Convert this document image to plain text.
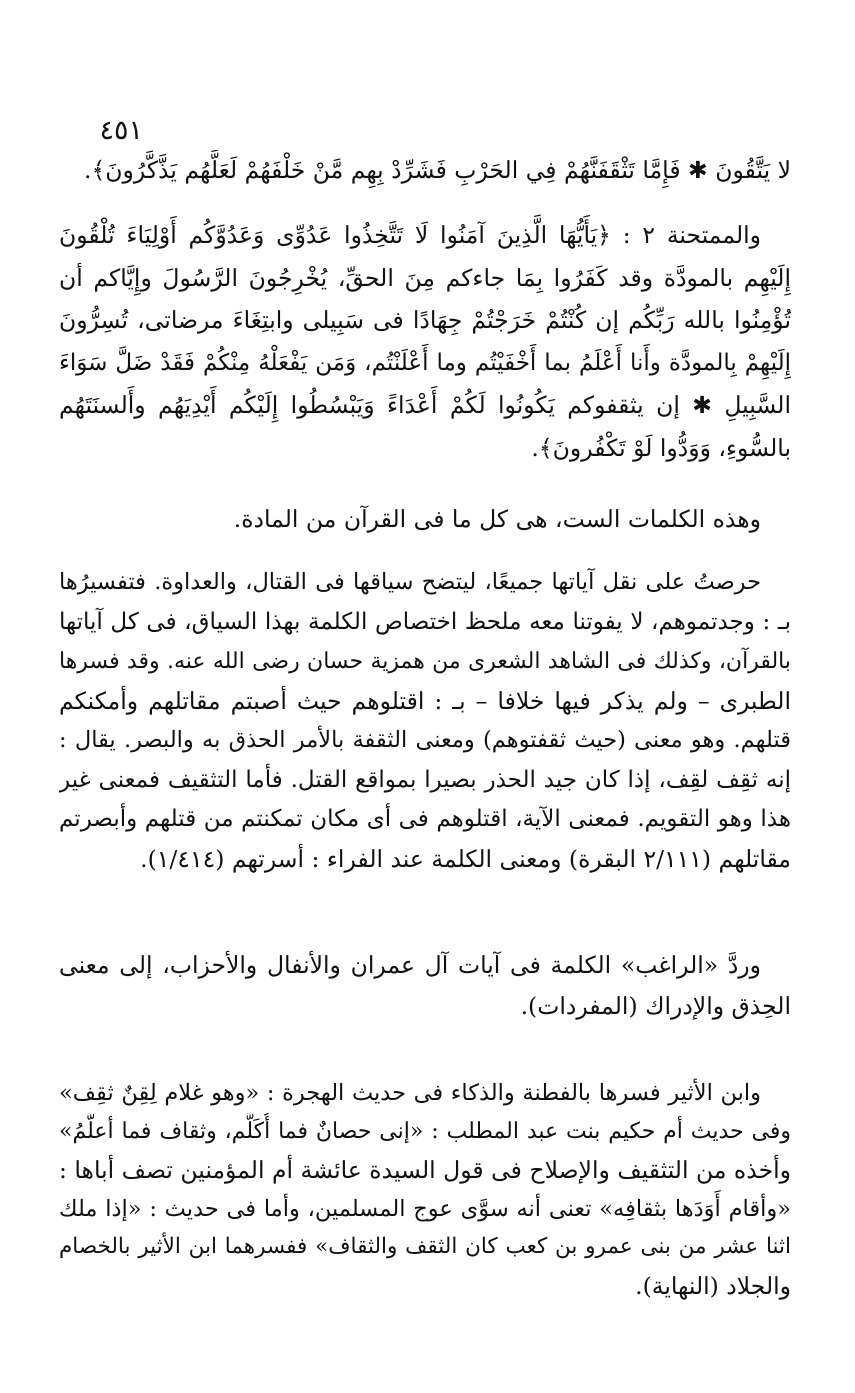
٤٥١
لا يَتَّقُونَ ✱ فَإِمَّا تَثْقَفَنَّهُمْ فِي الحَرْبِ فَشَرِّدْ بِهِم مَّنْ خَلْفَهُمْ لَعَلَّهُم يَذَّكَّرُونَ﴾.
والممتحنة ٢ : ﴿يَأَيُّهَا الَّذِينَ آمَنُوا لَا تَتَّخِذُوا عَدُوِّى وَعَدُوَّكُم أَوْلِيَاءَ تُلْقُونَ
إِلَيْهِم بالمودَّة وقد كَفَرُوا بِمَا جاءكم مِنَ الحقِّ، يُخْرِجُونَ الرَّسُولَ وإِيَّاكم أن
تُؤْمِنُوا بالله رَبِّكُم إن كُنْتُمْ خَرَجْتُمْ جِهَادًا فى سَبِيلى وابتِغَاءَ مرضاتى، تُسِرُّونَ
إِلَيْهِمْ بِالمودَّة وأَنا أَعْلَمُ بما أَخْفَيْتُم وما أَعْلَنْتُم، وَمَن يَفْعَلْهُ مِنْكُمْ فَقَدْ ضَلَّ سَوَاءَ
السَّبِيلِ ✱ إن يثقفوكم يَكُونُوا لَكُمْ أَعْدَاءً وَيَبْسُطُوا إِلَيْكُم أَيْدِيَهُم وأَلسنَتَهُم
بالسُّوءِ، وَوَدُّوا لَوْ تَكْفُرونَ﴾.
وهذه الكلمات الست، هى كل ما فى القرآن من المادة.
حرصتُ على نقل آياتها جميعًا، ليتضح سياقها فى القتال، والعداوة. فتفسيرُها
بـ : وجدتموهم، لا يفوتنا معه ملحظ اختصاص الكلمة بهذا السياق، فى كل آياتها
بالقرآن، وكذلك فى الشاهد الشعرى من همزية حسان رضى الله عنه. وقد فسرها
الطبرى – ولم يذكر فيها خلافا – بـ : اقتلوهم حيث أصبتم مقاتلهم وأمكنكم
قتلهم. وهو معنى (حيث ثقفتوهم) ومعنى الثقفة بالأمر الحذق به والبصر. يقال :
إنه ثقِف لقِف، إذا كان جيد الحذر بصيرا بمواقع القتل. فأما التثقيف فمعنى غير
هذا وهو التقويم. فمعنى الآية، اقتلوهم فى أى مكان تمكنتم من قتلهم وأبصرتم
مقاتلهم (٢/١١١ البقرة) ومعنى الكلمة عند الفراء : أسرتهم (١/٤١٤).
وردَّ «الراغب» الكلمة فى آيات آل عمران والأنفال والأحزاب، إلى معنى
الحِذق والإدراك (المفردات).
وابن الأثير فسرها بالفطنة والذكاء فى حديث الهجرة : «وهو غلام لِقِنٌ ثقِف»
وفى حديث أم حكيم بنت عبد المطلب : «إنى حصانٌ فما أُكَلَّم، وثقاف فما أعلَّمُ»
وأخذه من التثقيف والإصلاح فى قول السيدة عائشة أم المؤمنين تصف أباها :
«وأقام أَوَدَها بثقافِه» تعنى أنه سوَّى عوج المسلمين، وأما فى حديث : «إذا ملك
اثنا عشر من بنى عمرو بن كعب كان الثقف والثقاف» ففسرهما ابن الأثير بالخصام
والجلاد (النهاية).
